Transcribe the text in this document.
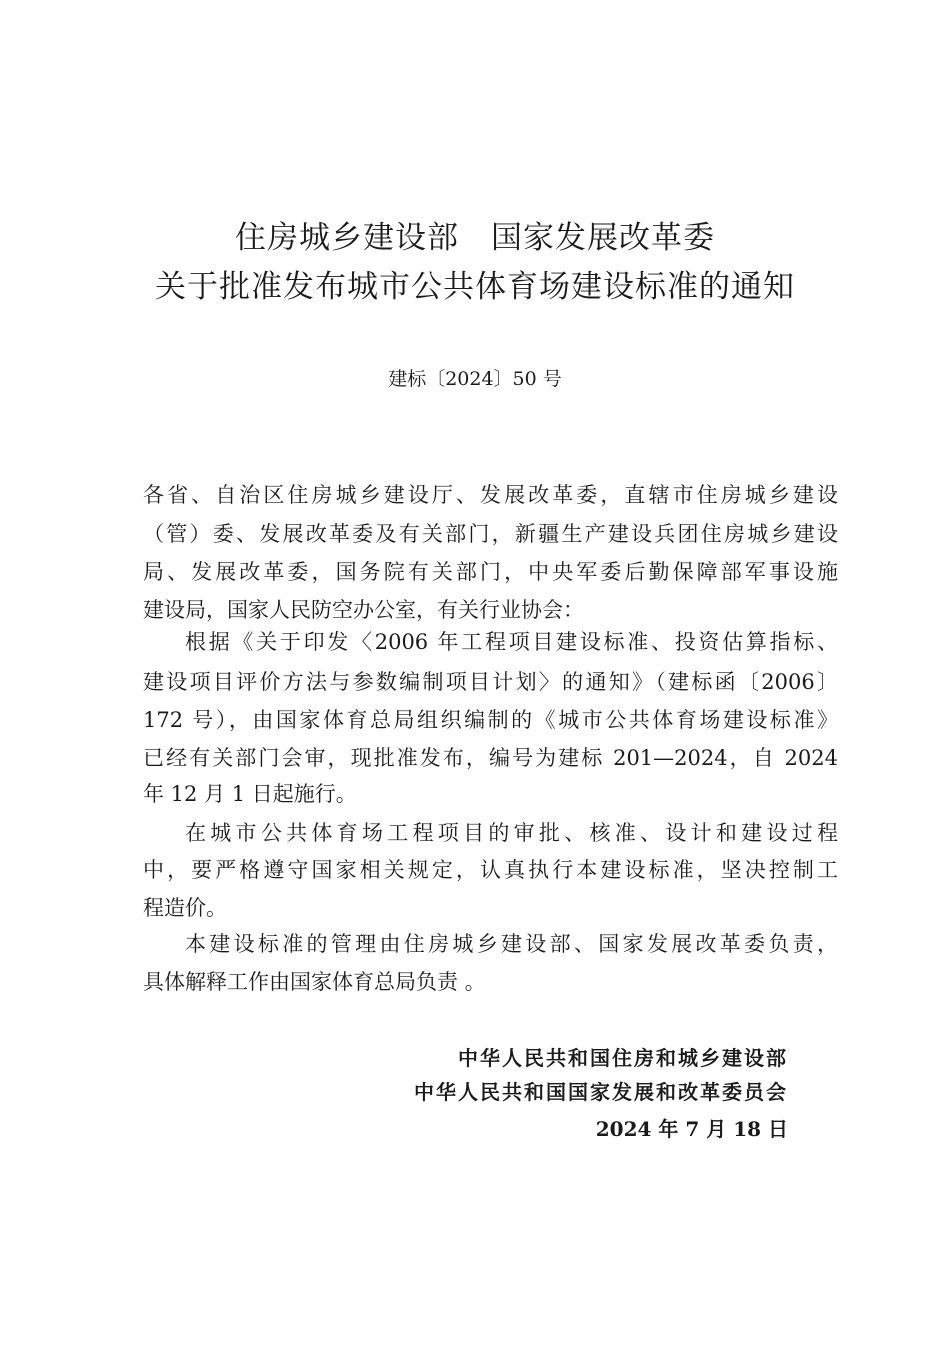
住房城乡建设部　国家发展改革委
关于批准发布城市公共体育场建设标准的通知
建标〔2024〕50 号
各省、自治区住房城乡建设厅、发展改革委，直辖市住房城乡建设
（管）委、发展改革委及有关部门，新疆生产建设兵团住房城乡建设
局、发展改革委，国务院有关部门，中央军委后勤保障部军事设施
建设局，国家人民防空办公室，有关行业协会：
根据《关于印发〈2006 年工程项目建设标准、投资估算指标、
建设项目评价方法与参数编制项目计划〉的通知》（建标函〔2006〕
172 号），由国家体育总局组织编制的《城市公共体育场建设标准》
已经有关部门会审，现批准发布，编号为建标 201—2024，自 2024
年 12 月 1 日起施行。
在城市公共体育场工程项目的审批、核准、设计和建设过程
中，要严格遵守国家相关规定，认真执行本建设标准，坚决控制工
程造价。
本建设标准的管理由住房城乡建设部、国家发展改革委负责，
具体解释工作由国家体育总局负责 。
中华人民共和国住房和城乡建设部
中华人民共和国国家发展和改革委员会
2024 年 7 月 18 日
